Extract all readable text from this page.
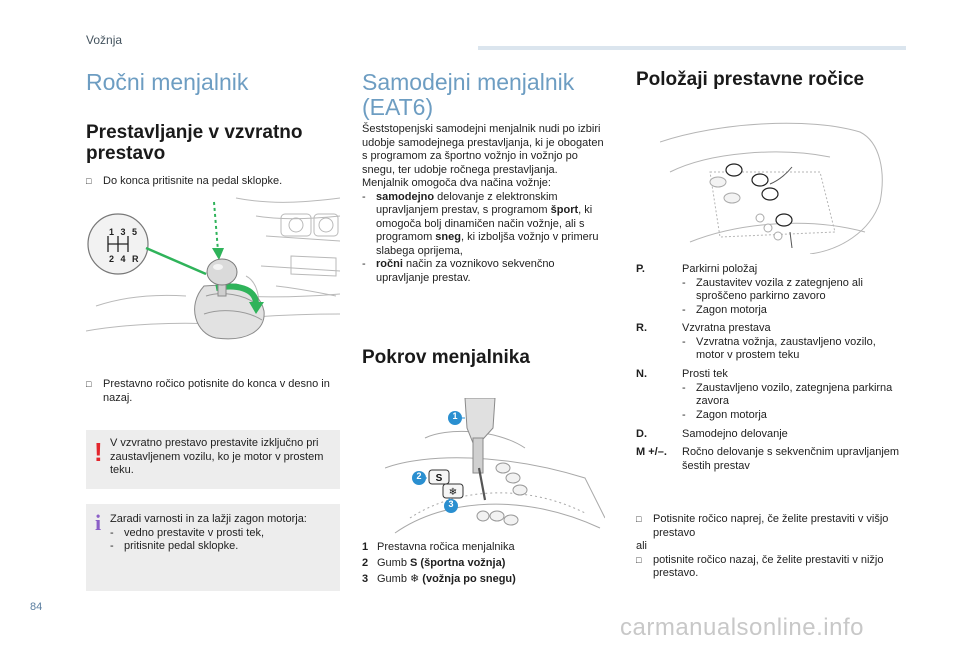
Vožnja
Ročni menjalnik
Prestavljanje v vzvratno prestavo
□	Do konca pritisnite na pedal sklopke.
1 3 5
2 4 R
□	Prestavno ročico potisnite do konca v desno in nazaj.
! V vzvratno prestavo prestavite izključno pri zaustavljenem vozilu, ko je motor v prostem teku.
i Zaradi varnosti in za lažji zagon motorja:
- vedno prestavite v prosti tek,
- pritisnite pedal sklopke.
Samodejni menjalnik (EAT6)
Šeststopenjski samodejni menjalnik nudi po izbiri udobje samodejnega prestavljanja, ki je obogaten s programom za športno vožnjo in vožnjo po snegu, ter udobje ročnega prestavljanja.
Menjalnik omogoča dva načina vožnje:
- samodejno delovanje z elektronskim upravljanjem prestav, s programom šport, ki omogoča bolj dinamičen način vožnje, ali s programom sneg, ki izboljša vožnjo v primeru slabega oprijema,
- ročni način za voznikovo sekvenčno upravljanje prestav.
Pokrov menjalnika
S
❄
1
2
3
1 Prestavna ročica menjalnika
2 Gumb S (športna vožnja)
3 Gumb ❄ (vožnja po snegu)
Položaji prestavne ročice
P.	Parkirni položaj
- Zaustavitev vozila z zategnjeno ali sproščeno parkirno zavoro
- Zagon motorja
R.	Vzvratna prestava
- Vzvratna vožnja, zaustavljeno vozilo, motor v prostem teku
N.	Prosti tek
- Zaustavljeno vozilo, zategnjena parkirna zavora
- Zagon motorja
D.	Samodejno delovanje
M +/–. Ročno delovanje s sekvenčnim upravljanjem šestih prestav
□	Potisnite ročico naprej, če želite prestaviti v višjo prestavo
ali
□	potisnite ročico nazaj, če želite prestaviti v nižjo prestavo.
84
carmanualsonline.info
